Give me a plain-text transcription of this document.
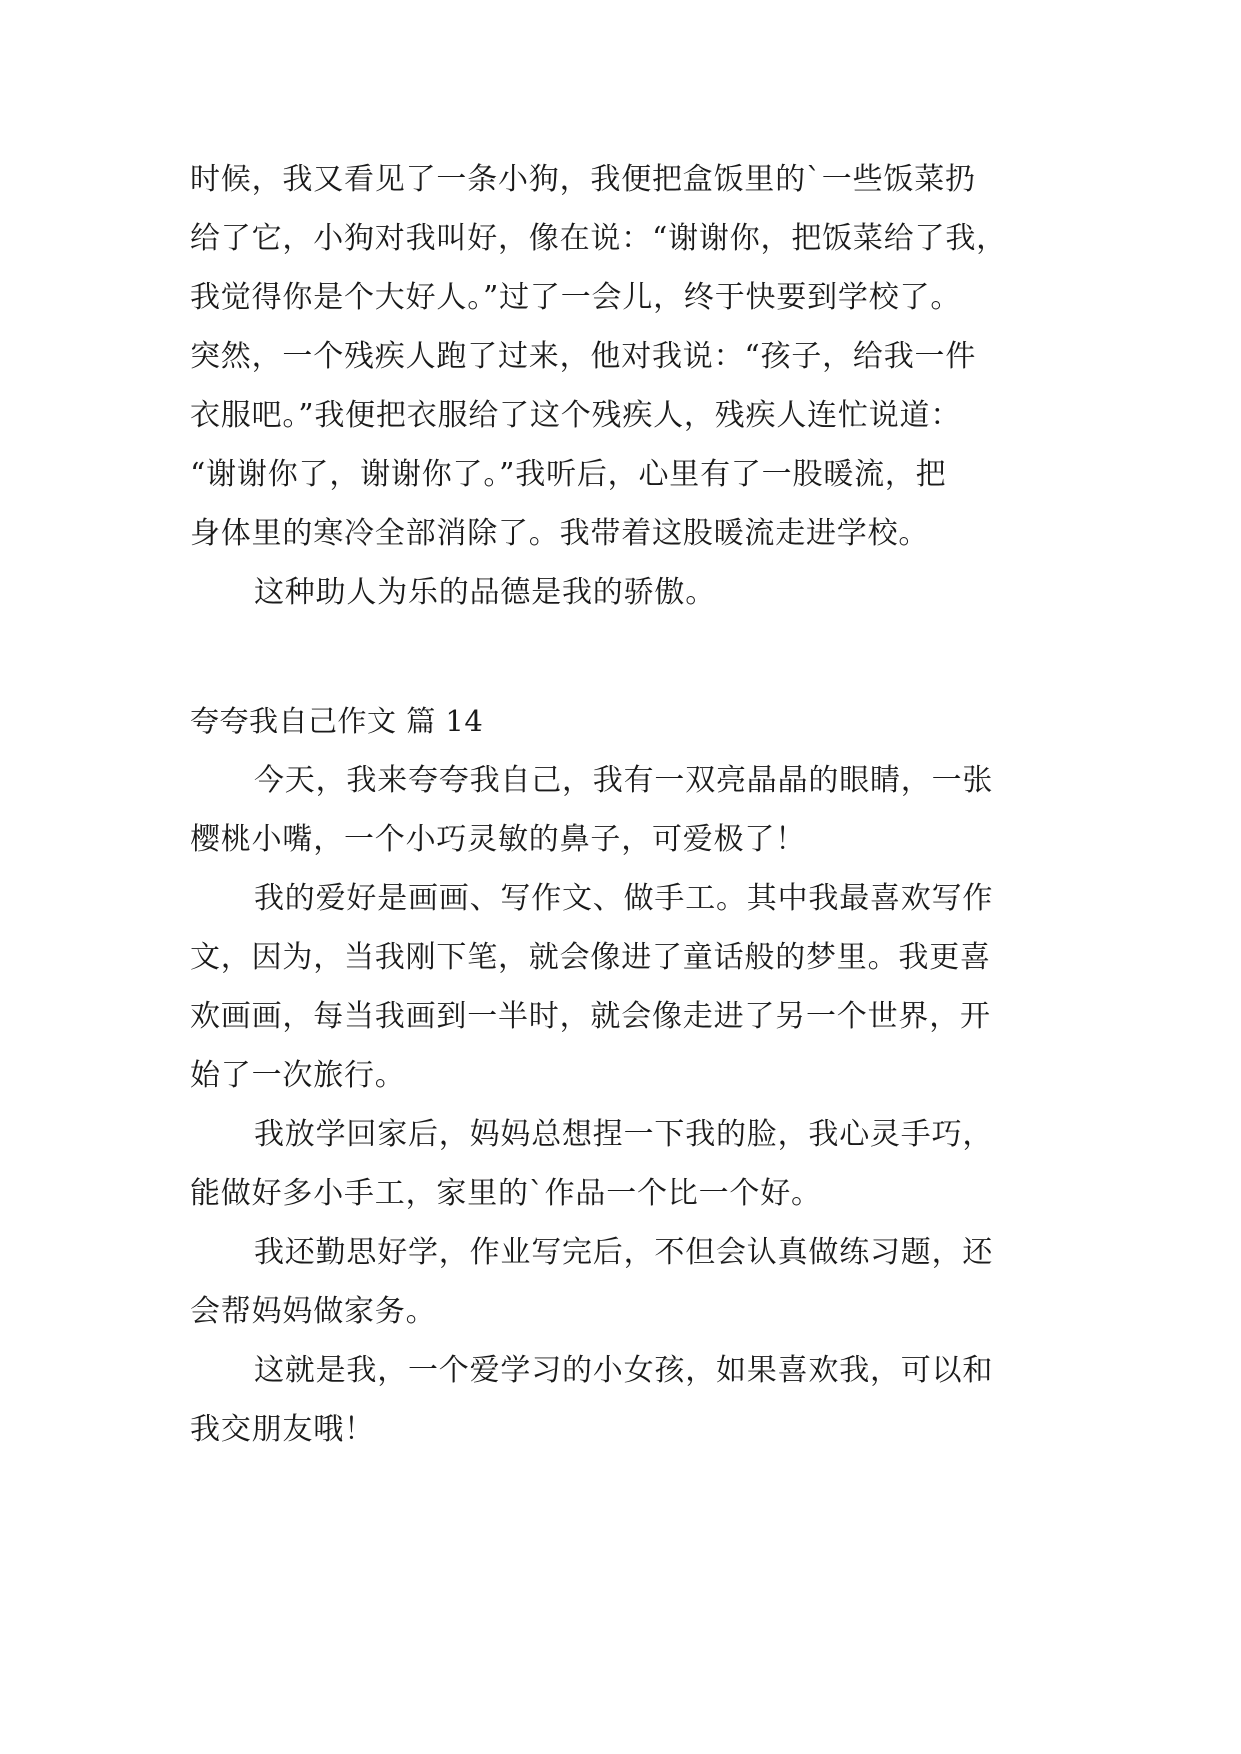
时候，我又看见了一条小狗，我便把盒饭里的`一些饭菜扔
给了它，小狗对我叫好，像在说：“谢谢你，把饭菜给了我，
我觉得你是个大好人。”过了一会儿，终于快要到学校了。
突然，一个残疾人跑了过来，他对我说：“孩子，给我一件
衣服吧。”我便把衣服给了这个残疾人，残疾人连忙说道：
“谢谢你了，谢谢你了。”我听后，心里有了一股暖流，把
身体里的寒冷全部消除了。我带着这股暖流走进学校。
这种助人为乐的品德是我的骄傲。
夸夸我自己作文 篇 14
今天，我来夸夸我自己，我有一双亮晶晶的眼睛，一张
樱桃小嘴，一个小巧灵敏的鼻子，可爱极了！
我的爱好是画画、写作文、做手工。其中我最喜欢写作
文，因为，当我刚下笔，就会像进了童话般的梦里。我更喜
欢画画，每当我画到一半时，就会像走进了另一个世界，开
始了一次旅行。
我放学回家后，妈妈总想捏一下我的脸，我心灵手巧，
能做好多小手工，家里的`作品一个比一个好。
我还勤思好学，作业写完后，不但会认真做练习题，还
会帮妈妈做家务。
这就是我，一个爱学习的小女孩，如果喜欢我，可以和
我交朋友哦！
